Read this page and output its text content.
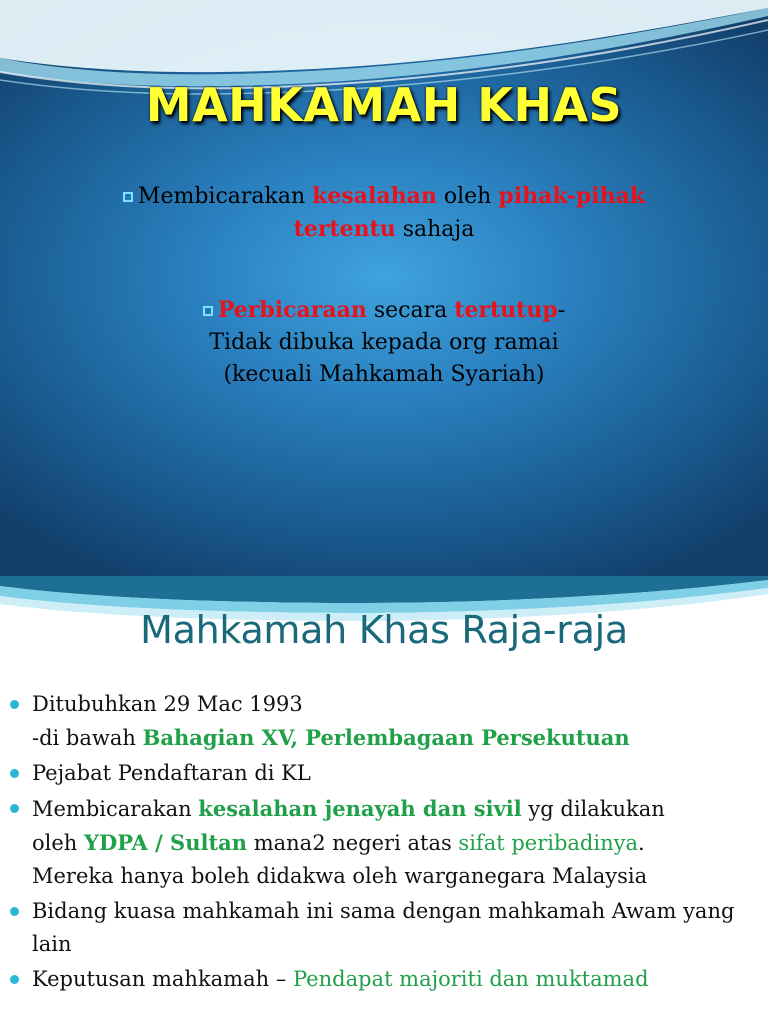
MAHKAMAH KHAS
Membicarakan kesalahan oleh pihak-pihak
tertentu sahaja
Perbicaraan secara tertutup-
Tidak dibuka kepada org ramai
(kecuali Mahkamah Syariah)
Mahkamah Khas Raja-raja
Ditubuhkan 29 Mac 1993
-di bawah Bahagian XV, Perlembagaan Persekutuan
Pejabat Pendaftaran di KL
Membicarakan kesalahan jenayah dan sivil yg dilakukan
oleh YDPA / Sultan mana2 negeri atas sifat peribadinya.
Mereka hanya boleh didakwa oleh warganegara Malaysia
Bidang kuasa mahkamah ini sama dengan mahkamah Awam yang lain
Keputusan mahkamah – Pendapat majoriti dan muktamad
